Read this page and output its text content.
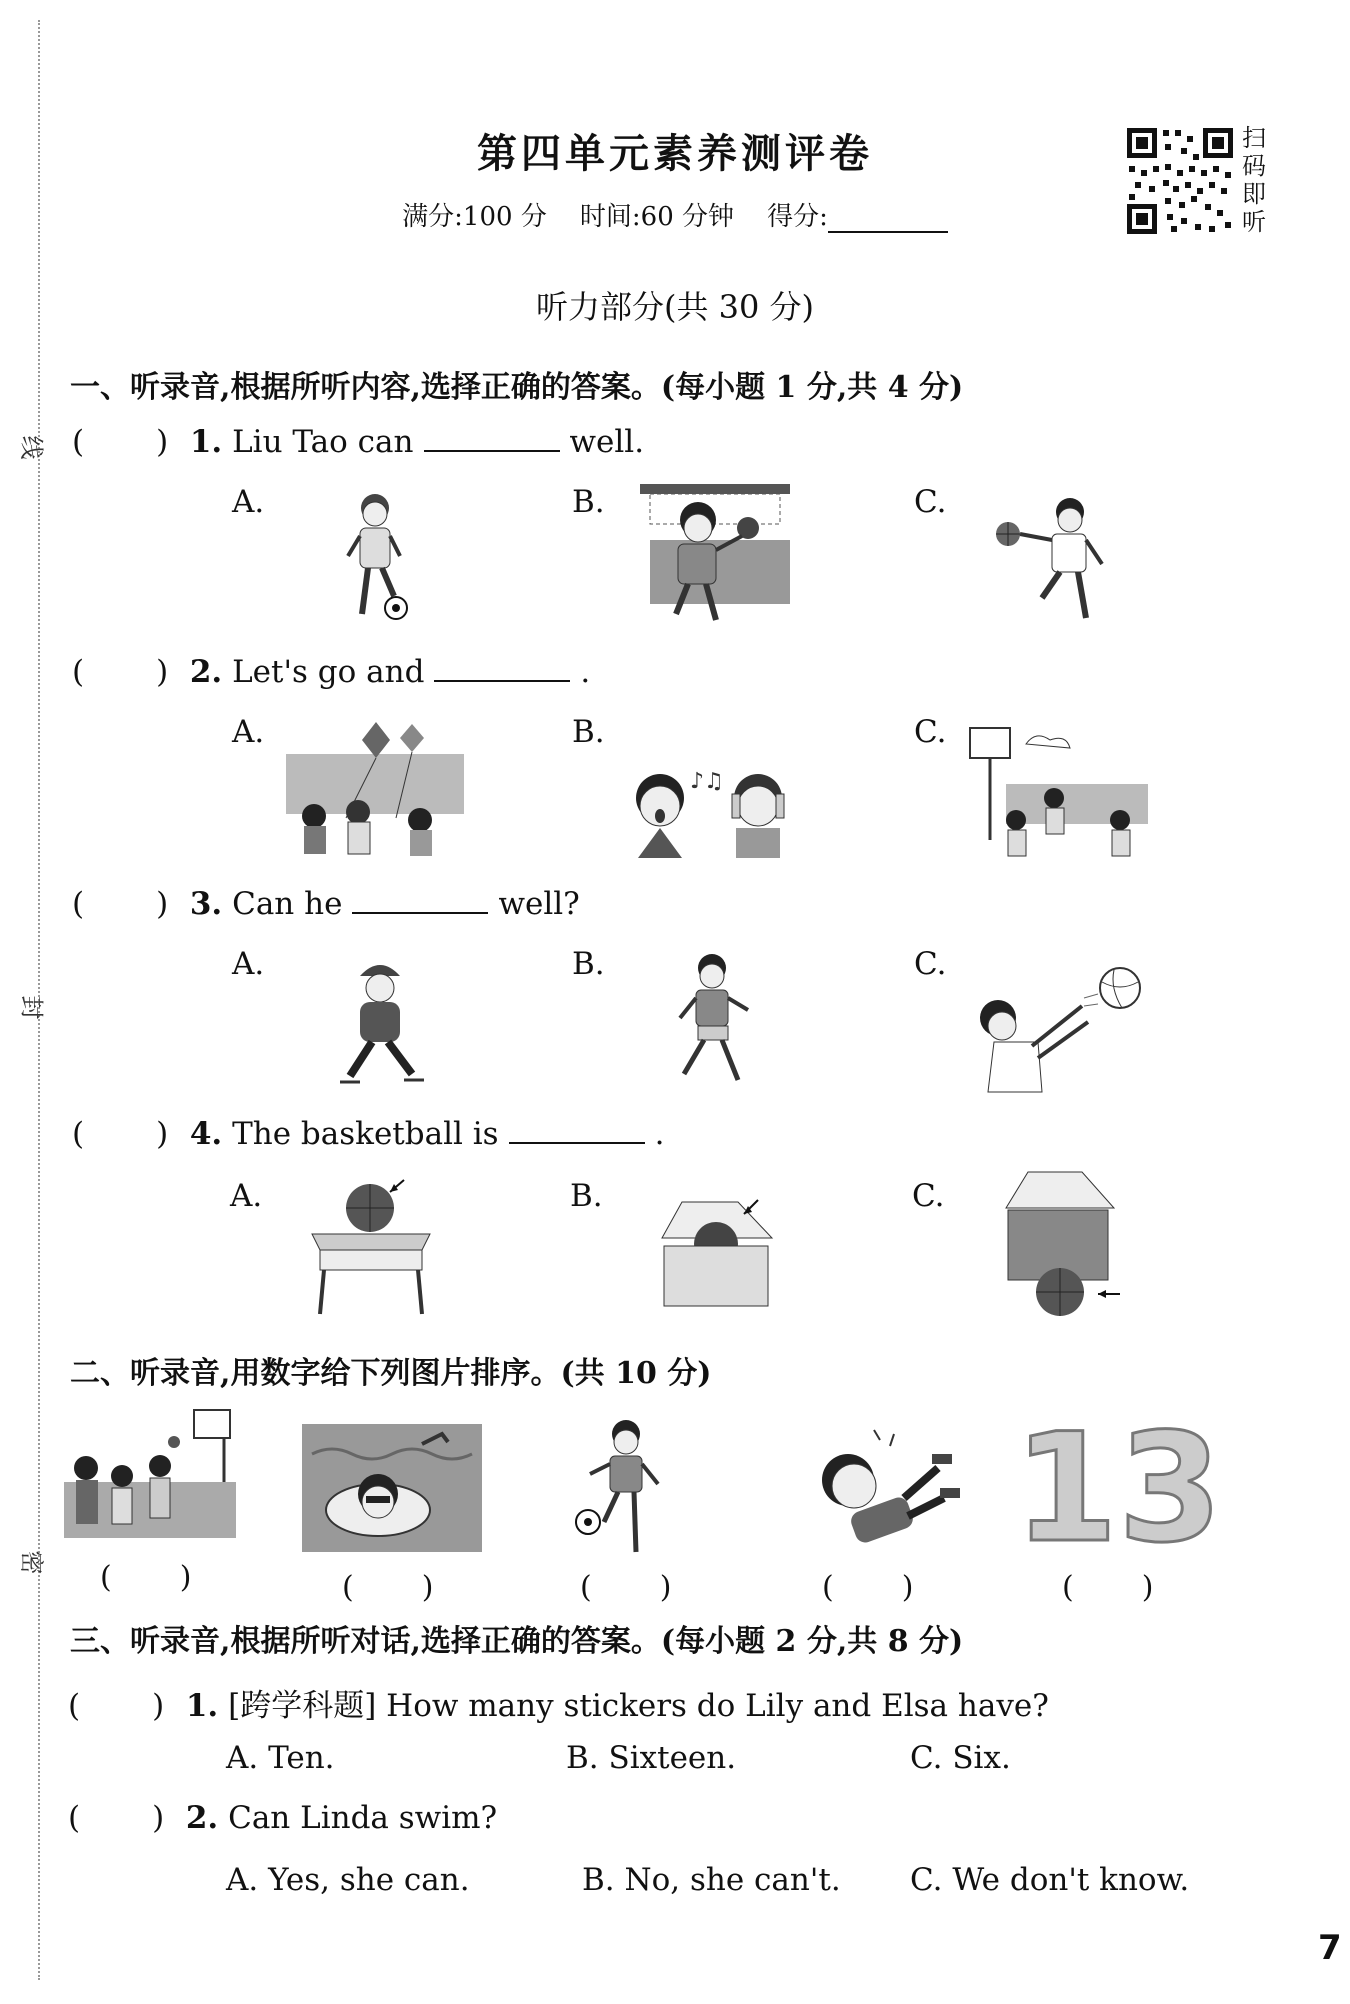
线
封
密
第四单元素养测评卷
满分:100 分 时间:60 分钟 得分:
扫
码
即
听
听力部分(共 30 分)
一、听录音,根据所听内容,选择正确的答案。(每小题 1 分,共 4 分)
( ) 1. Liu Tao can	well.
A.	B.	C.
( ) 2. Let's go and	.
A.	B.	C.
♪♫
( ) 3. Can he	well?
A.	B.	C.
( ) 4. The basketball is	.
A.	B.	C.
二、听录音,用数字给下列图片排序。(共 10 分)
13
( )	( )	( )	( )	( )
三、听录音,根据所听对话,选择正确的答案。(每小题 2 分,共 8 分)
( ) 1. [跨学科题] How many stickers do Lily and Elsa have?
A. Ten.	B. Sixteen.	C. Six.
( ) 2. Can Linda swim?
A. Yes, she can.	B. No, she can't. C. We don't know.
7
